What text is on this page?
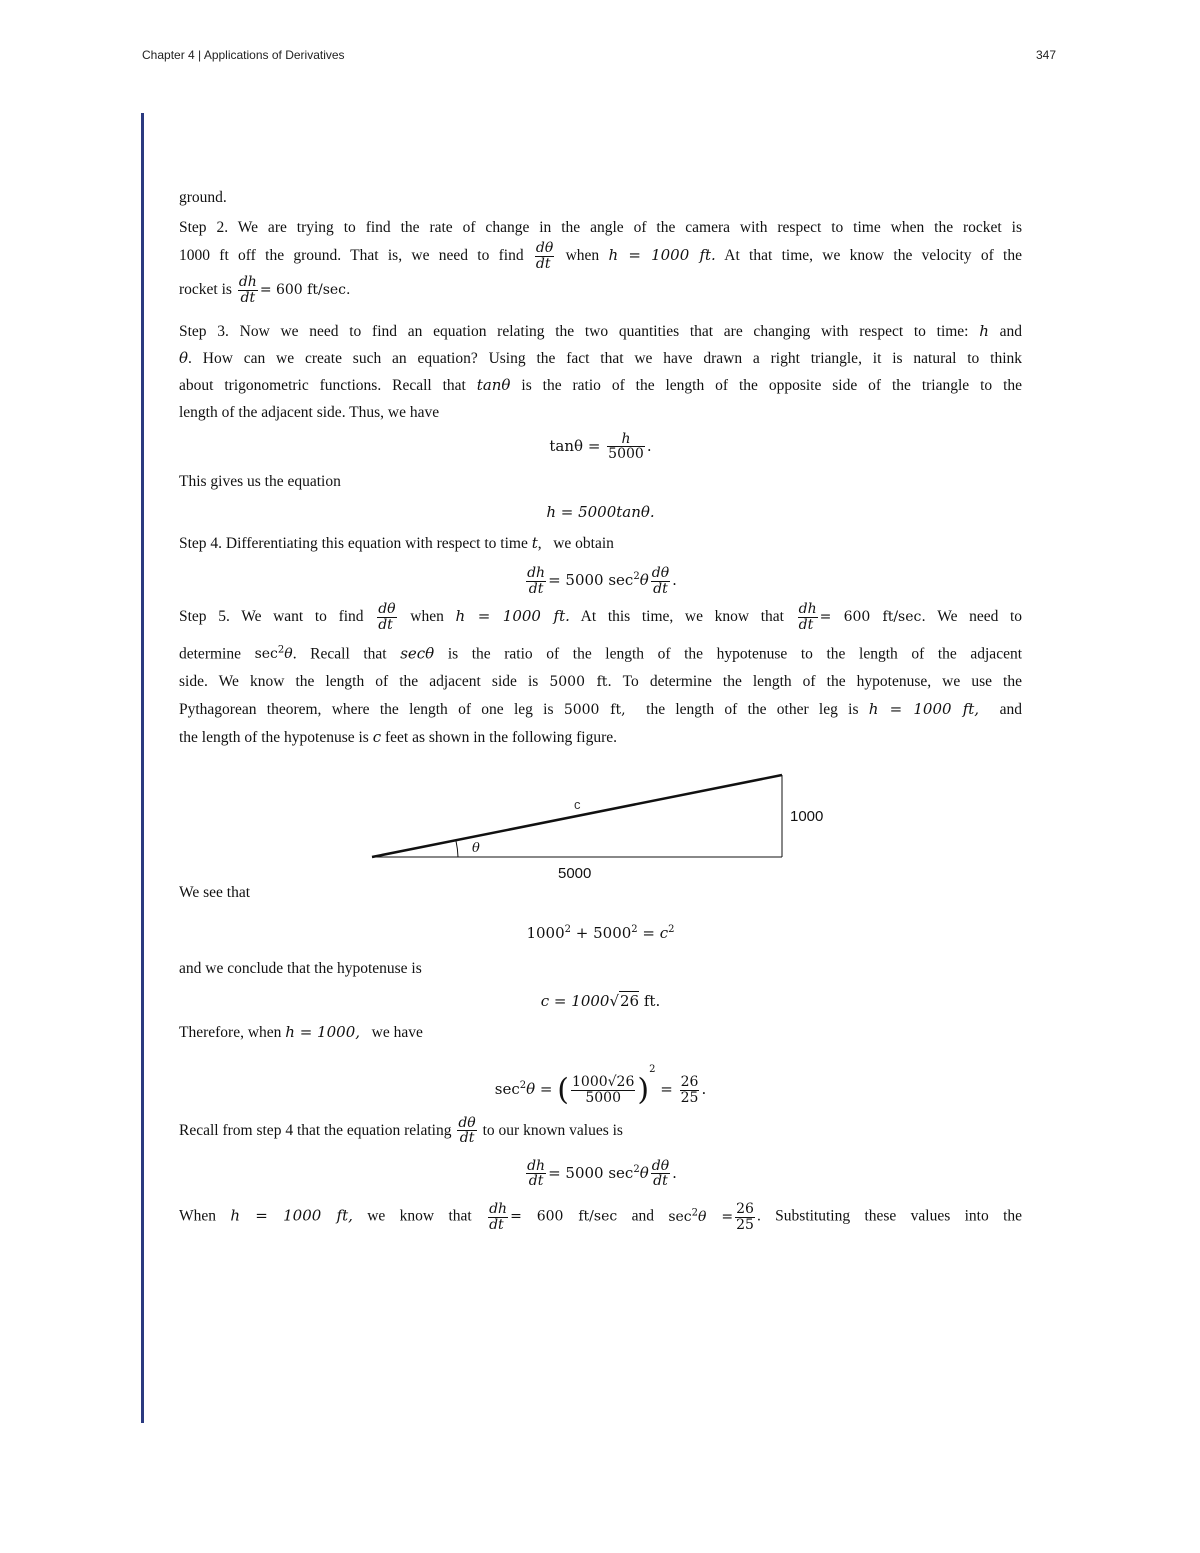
Chapter 4 | Applications of Derivatives	347

ground.

Step 2. We are trying to find the rate of change in the angle of the camera with respect to time when the rocket is
1000 ft off the ground. That is, we need to find $\frac{d\theta}{dt}$ when h = 1000 ft. At that time, we know the velocity of the
rocket is $\frac{dh}{dt} = 600$ ft/sec.

Step 3. Now we need to find an equation relating the two quantities that are changing with respect to time: h and
θ. How can we create such an equation? Using the fact that we have drawn a right triangle, it is natural to think
about trigonometric functions. Recall that tanθ is the ratio of the length of the opposite side of the triangle to the
length of the adjacent side. Thus, we have

$\tan\theta = \frac{h}{5000}$ .

This gives us the equation

h = 5000tanθ.

Step 4. Differentiating this equation with respect to time t,   we obtain

$\frac{dh}{dt} = 5000$ $\sec^2\theta \frac{d\theta}{dt}$ .

Step 5. We want to find $\frac{d\theta}{dt}$ when h = 1000 ft. At this time, we know that $\frac{dh}{dt} = 600$ ft/sec. We need to
determine $\sec^2\theta$. Recall that secθ is the ratio of the length of the hypotenuse to the length of the adjacent
side. We know the length of the adjacent side is 5000 ft. To determine the length of the hypotenuse, we use the
Pythagorean theorem, where the length of one leg is 5000 ft, the length of the other leg is h = 1000 ft, and
the length of the hypotenuse is c feet as shown in the following figure.

c
θ
1000
5000

We see that

$1000^2 + 5000^2 = c^2$

and we conclude that the hypotenuse is

c = 1000√26 ft.

Therefore, when h = 1000, we have

$\sec^2\theta$ = ( $\frac{1000√26}{5000} )^2 = \frac{26}{25}$ .

Recall from step 4 that the equation relating $\frac{d\theta}{dt}$ to our known values is

$\frac{dh}{dt} = 5000$ $\sec^2\theta \frac{d\theta}{dt}$ .

When h = 1000 ft, we know that $\frac{dh}{dt} = 600$ ft/sec and $\sec^2\theta = \frac{26}{25}$ . Substituting these values into the
